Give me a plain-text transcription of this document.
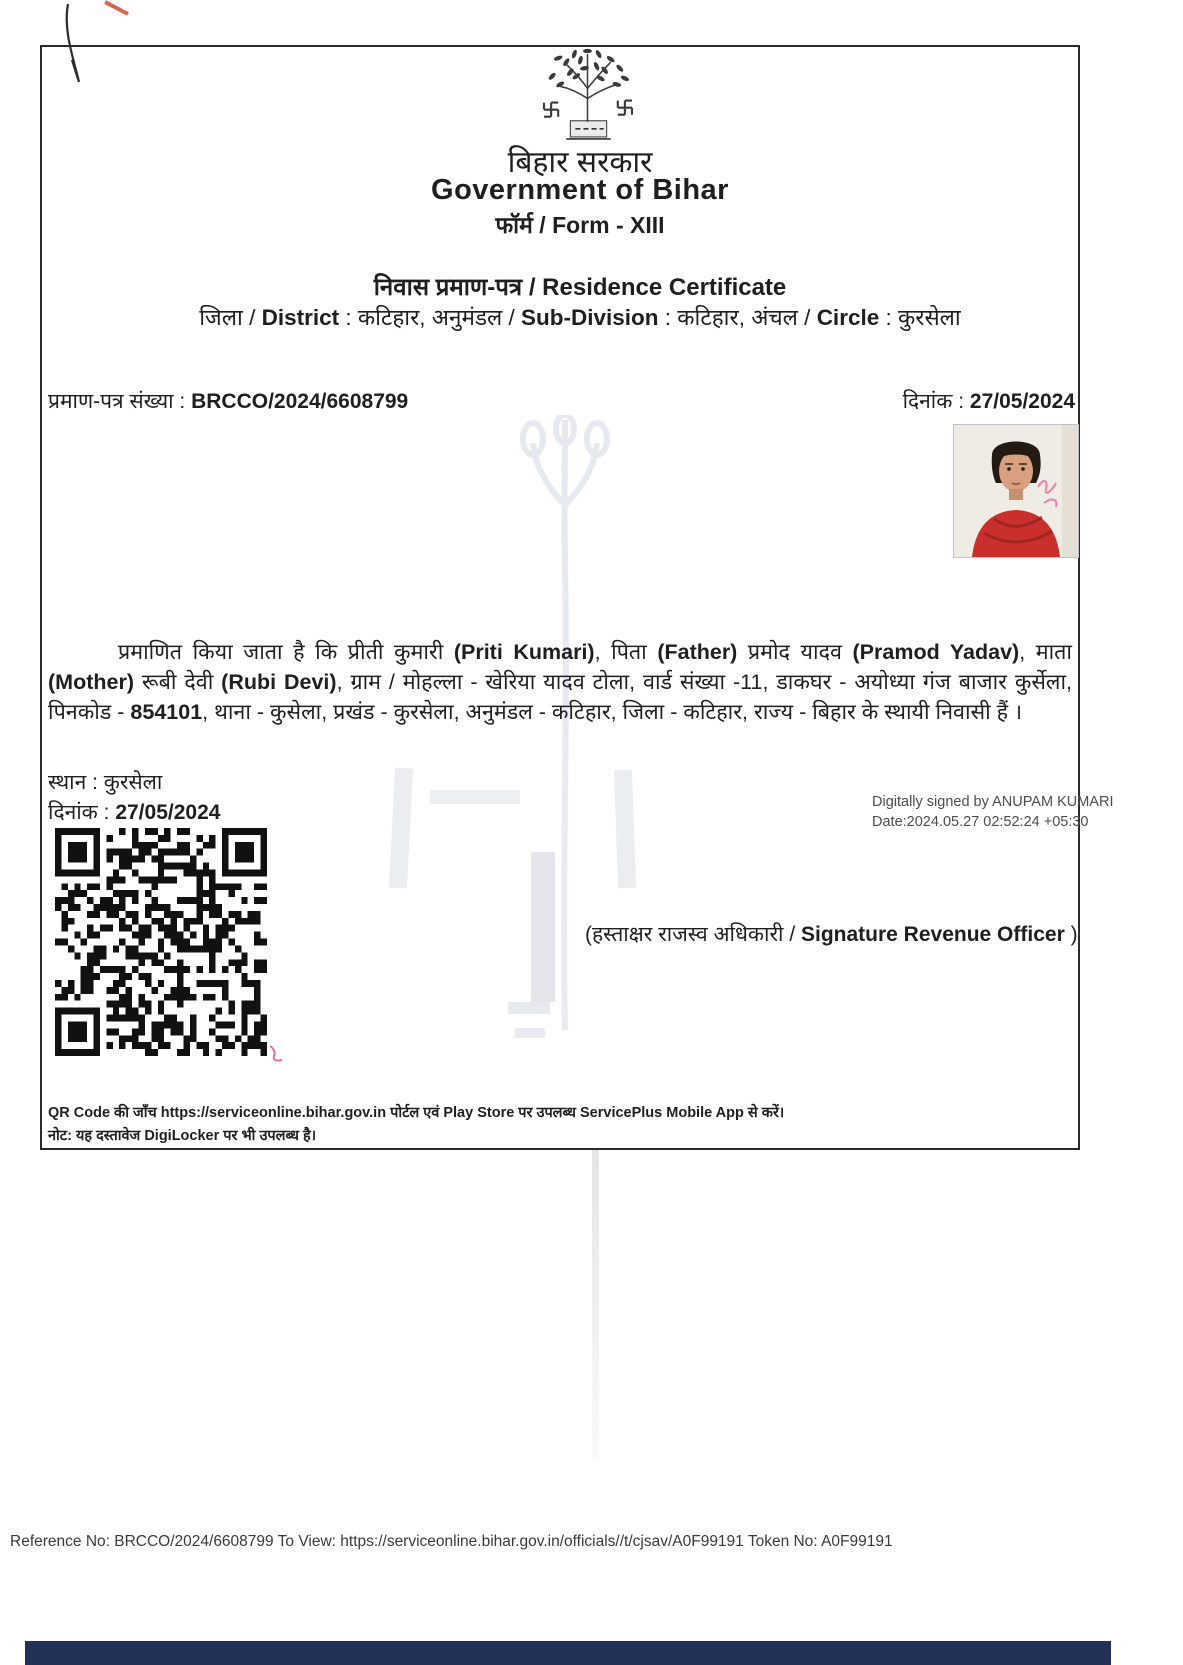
बिहार सरकार
Government of Bihar
फॉर्म / Form - XIII
निवास प्रमाण-पत्र / Residence Certificate
जिला / District : कटिहार, अनुमंडल / Sub-Division : कटिहार, अंचल / Circle : कुरसेला
प्रमाण-पत्र संख्या : BRCCO/2024/6608799	दिनांक : 27/05/2024
प्रमाणित किया जाता है कि प्रीती कुमारी (Priti Kumari), पिता (Father) प्रमोद यादव (Pramod Yadav), माता (Mother) रूबी देवी (Rubi Devi), ग्राम / मोहल्ला - खेरिया यादव टोला, वार्ड संख्या -11, डाकघर - अयोध्या गंज बाजार कुर्सेला, पिनकोड - 854101, थाना - कुसेला, प्रखंड - कुरसेला, अनुमंडल - कटिहार, जिला - कटिहार, राज्य - बिहार के स्थायी निवासी हैं ।
स्थान : कुरसेला
दिनांक : 27/05/2024	Digitally signed by ANUPAM KUMARI
Date:2024.05.27 02:52:24 +05:30
(हस्ताक्षर राजस्व अधिकारी / Signature Revenue Officer )
QR Code की जाँच https://serviceonline.bihar.gov.in पोर्टल एवं Play Store पर उपलब्ध ServicePlus Mobile App से करें।
नोट: यह दस्तावेज DigiLocker पर भी उपलब्ध है।
Reference No: BRCCO/2024/6608799 To View: https://serviceonline.bihar.gov.in/officials//t/cjsav/A0F99191 Token No: A0F99191
